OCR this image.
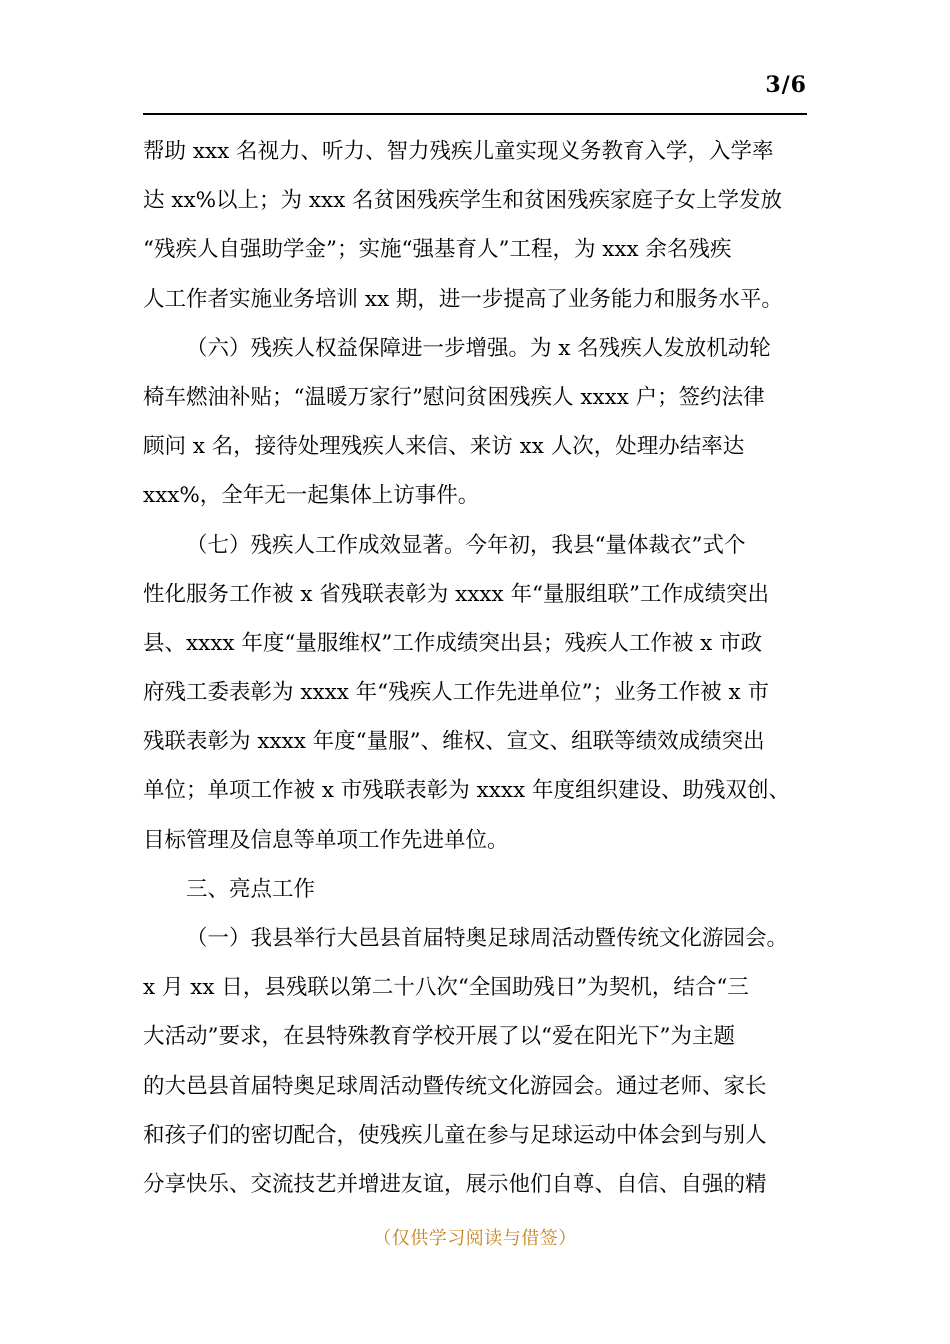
3/6
帮助 xxx 名视力、听力、智力残疾儿童实现义务教育入学，入学率
达 xx%以上；为 xxx 名贫困残疾学生和贫困残疾家庭子女上学发放
“残疾人自强助学金”；实施“强基育人”工程，为 xxx 余名残疾
人工作者实施业务培训 xx 期，进一步提高了业务能力和服务水平。
（六）残疾人权益保障进一步增强。为 x 名残疾人发放机动轮
椅车燃油补贴；“温暖万家行”慰问贫困残疾人 xxxx 户；签约法律
顾问 x 名，接待处理残疾人来信、来访 xx 人次，处理办结率达
xxx%，全年无一起集体上访事件。
（七）残疾人工作成效显著。今年初，我县“量体裁衣”式个
性化服务工作被 x 省残联表彰为 xxxx 年“量服组联”工作成绩突出
县、xxxx 年度“量服维权”工作成绩突出县；残疾人工作被 x 市政
府残工委表彰为 xxxx 年“残疾人工作先进单位”；业务工作被 x 市
残联表彰为 xxxx 年度“量服”、维权、宣文、组联等绩效成绩突出
单位；单项工作被 x 市残联表彰为 xxxx 年度组织建设、助残双创、
目标管理及信息等单项工作先进单位。
三、亮点工作
（一）我县举行大邑县首届特奥足球周活动暨传统文化游园会。
x 月 xx 日，县残联以第二十八次“全国助残日”为契机，结合“三
大活动”要求，在县特殊教育学校开展了以“爱在阳光下”为主题
的大邑县首届特奥足球周活动暨传统文化游园会。通过老师、家长
和孩子们的密切配合，使残疾儿童在参与足球运动中体会到与别人
分享快乐、交流技艺并增进友谊，展示他们自尊、自信、自强的精
（仅供学习阅读与借签）
